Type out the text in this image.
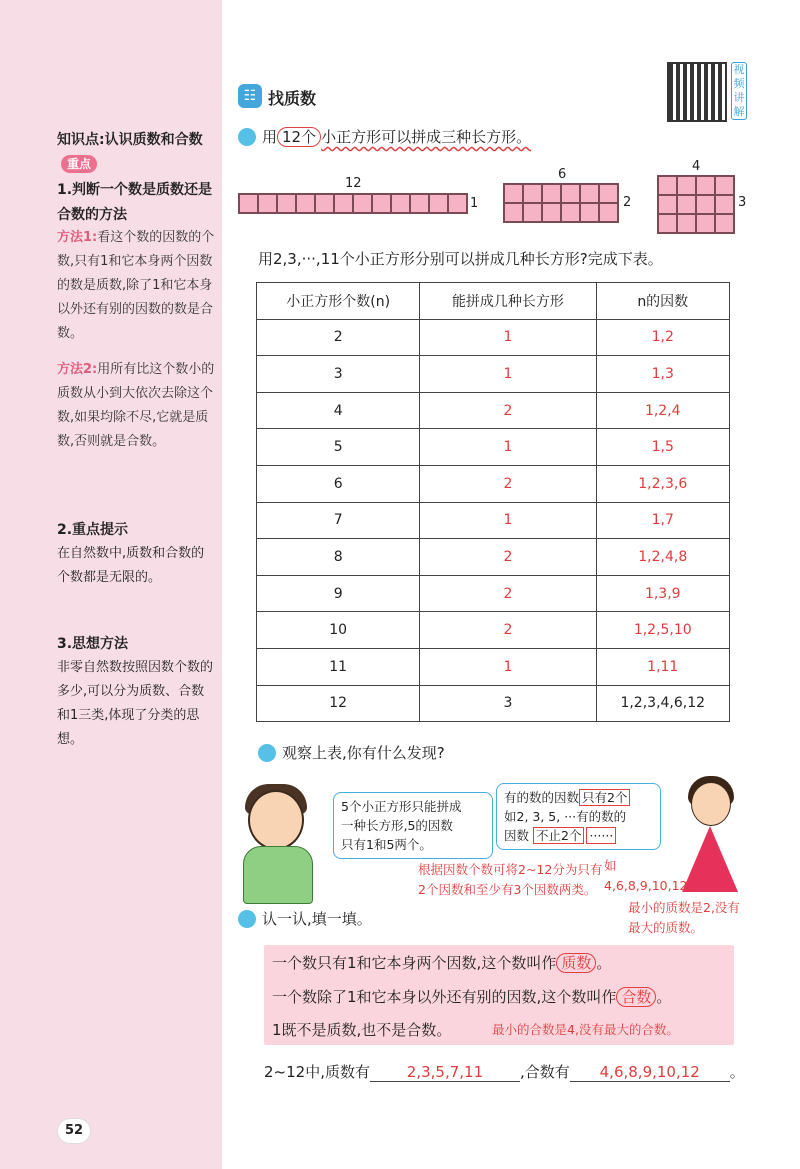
知识点:认识质数和合数重点
1.判断一个数是质数还是合数的方法
方法1:看这个数的因数的个数,只有1和它本身两个因数的数是质数,除了1和它本身以外还有别的因数的数是合数。
方法2:用所有比这个数小的质数从小到大依次去除这个数,如果均除不尽,它就是质数,否则就是合数。
2.重点提示
在自然数中,质数和合数的个数都是无限的。
3.思想方法
非零自然数按照因数个数的多少,可以分为质数、合数和1三类,体现了分类的思想。
52
☷ 找质数
视频讲解
用 12个 小正方形可以拼成三种长方形。
12
1
6
2
4
3
用2,3,···,11个小正方形分别可以拼成几种长方形?完成下表。
小正方形个数(n)	能拼成几种长方形	n的因数
2	1	1,2
3	1	1,3
4	2	1,2,4
5	1	1,5
6	2	1,2,3,6
7	1	1,7
8	2	1,2,4,8
9	2	1,3,9
10	2	1,2,5,10
11	1	1,11
12	3	1,2,3,4,6,12
观察上表,你有什么发现?
5个小正方形只能拼成
一种长方形,5的因数
只有1和5两个。
有的数的因数 只有2个
如2, 3, 5, ···有的数的
因数 不止2个 ······
根据因数个数可将2~12分为只有2个因数和至少有3个因数两类。
如4,6,8,9,10,12。
认一认,填一填。
最小的质数是2,没有最大的质数。
一个数只有1和它本身两个因数,这个数叫作 质数 。
一个数除了1和它本身以外还有别的因数,这个数叫作 合数 。
1既不是质数,也不是合数。	最小的合数是4,没有最大的合数。
2~12中,质数有 2,3,5,7,11 ,合数有 4,6,8,9,10,12 。
